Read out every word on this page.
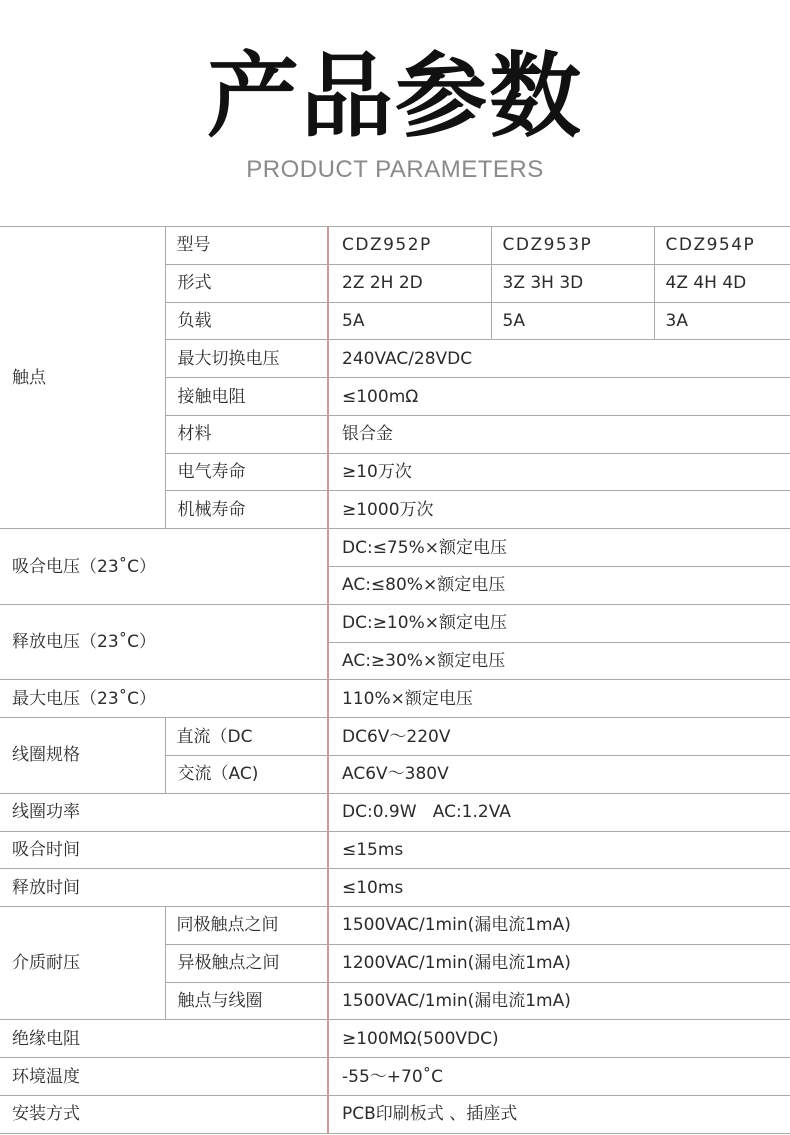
产品参数
PRODUCT PARAMETERS
触点	型号	CDZ952P	CDZ953P	CDZ954P
	形式	2Z 2H 2D	3Z 3H 3D	4Z 4H 4D
	负载	5A	5A	3A
	最大切换电压	240VAC/28VDC		
	接触电阻	≤100mΩ		
	材料	银合金		
	电气寿命	≥10万次		
	机械寿命	≥1000万次		
吸合电压（23˚C）		DC:≤75%×额定电压		
		AC:≤80%×额定电压		
释放电压（23˚C）		DC:≥10%×额定电压		
		AC:≥30%×额定电压		
最大电压（23˚C）		110%×额定电压		
线圈规格	直流（DC	DC6V～220V		
	交流（AC)	AC6V～380V		
线圈功率		DC:0.9W   AC:1.2VA		
吸合时间		≤15ms		
释放时间		≤10ms		
介质耐压	同极触点之间	1500VAC/1min(漏电流1mA)		
	异极触点之间	1200VAC/1min(漏电流1mA)		
	触点与线圈	1500VAC/1min(漏电流1mA)		
绝缘电阻		≥100MΩ(500VDC)		
环境温度		-55～+70˚C		
安装方式		PCB印刷板式 、插座式		
